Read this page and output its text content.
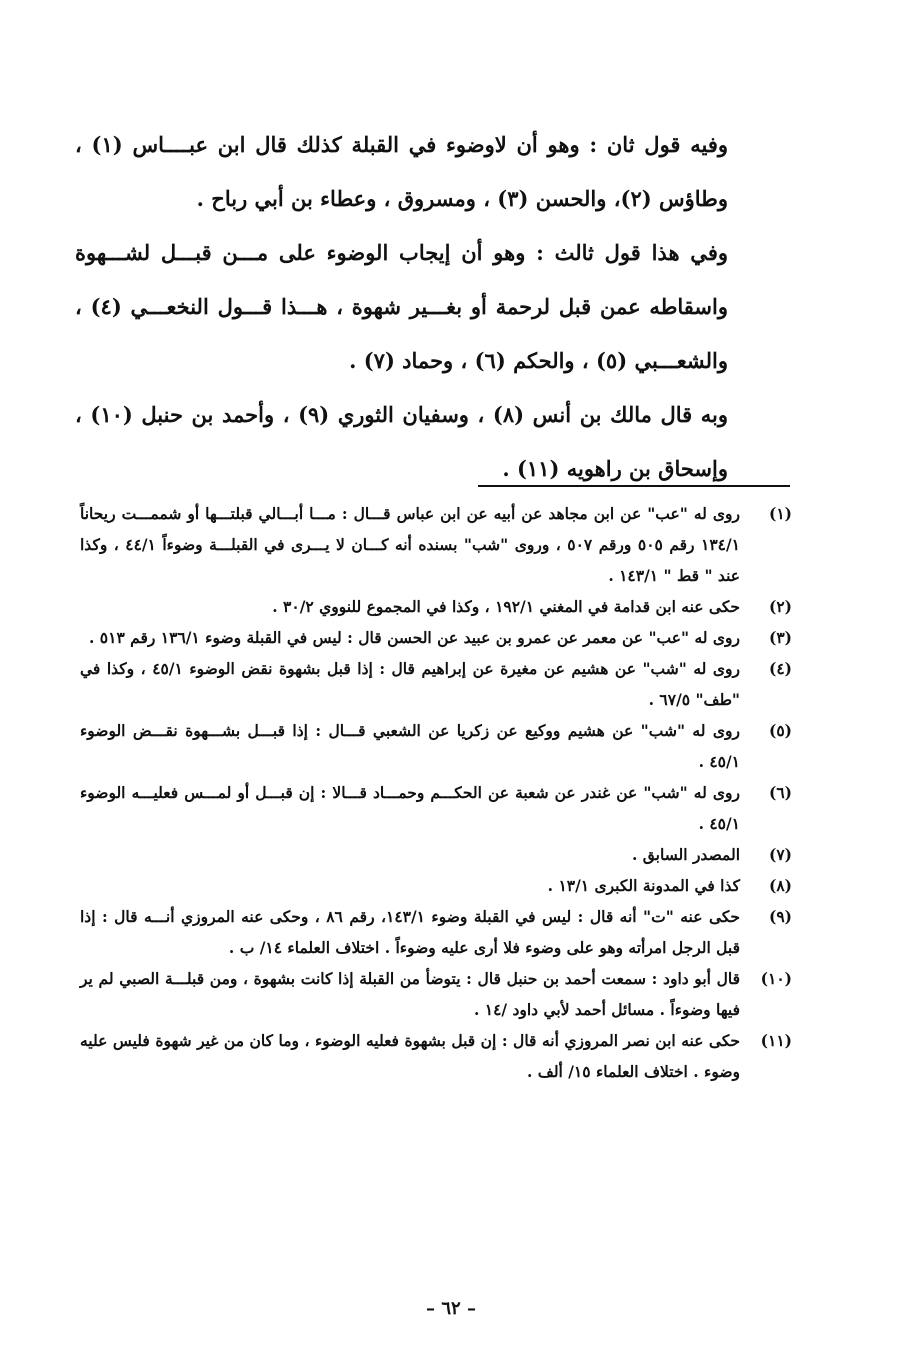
وفيه قول ثان : وهو أن لاوضوء في القبلة كذلك قال ابن عبــــاس (١) ، وطاؤس (٢)، والحسن (٣) ، ومسروق ، وعطاء بن أبي رباح .

وفي هذا قول ثالث : وهو أن إيجاب الوضوء على مـــن قبـــل لشـــهوة واسقاطه عمن قبل لرحمة أو بغـــير شهوة ، هـــذا قـــول النخعـــي (٤) ، والشعـــبي (٥) ، والحكم (٦) ، وحماد (٧) .

وبه قال مالك بن أنس (٨) ، وسفيان الثوري (٩) ، وأحمد بن حنبل (١٠) ، وإسحاق بن راهويه (١١) .

(١)
روى له "عب" عن ابن مجاهد عن أبيه عن ابن عباس قـــال : مـــا أبـــالي قبلتـــها أو شممـــت ريحاناً ١٣٤/١ رقم ٥٠٥ ورقم ٥٠٧ ، وروى "شب" بسنده أنه كـــان لا يـــرى في القبلـــة وضوءاً ٤٤/١ ، وكذا عند " قط " ١٤٣/١ .
(٢)
حكى عنه ابن قدامة في المغني ١٩٢/١ ، وكذا في المجموع للنووي ٣٠/٢ .
(٣)
روى له "عب" عن معمر عن عمرو بن عبيد عن الحسن قال : ليس في القبلة وضوء ١٣٦/١ رقم ٥١٣ .
(٤)
روى له "شب" عن هشيم عن مغيرة عن إبراهيم قال : إذا قبل بشهوة نقض الوضوء ٤٥/١ ، وكذا في "طف" ٦٧/٥ .
(٥)
روى له "شب" عن هشيم ووكيع عن زكريا عن الشعبي قـــال : إذا قبـــل بشـــهوة نقـــض الوضوء ٤٥/١ .
(٦)
روى له "شب" عن غندر عن شعبة عن الحكـــم وحمـــاد قـــالا : إن قبـــل أو لمـــس فعليـــه الوضوء ٤٥/١ .
(٧)
المصدر السابق .
(٨)
كذا في المدونة الكبرى ١٣/١ .
(٩)
حكى عنه "ت" أنه قال : ليس في القبلة وضوء ١٤٣/١، رقم ٨٦ ، وحكى عنه المروزي أنـــه قال : إذا قبل الرجل امرأته وهو على وضوء فلا أرى عليه وضوءاً . اختلاف العلماء ١٤/ ب .
(١٠)
قال أبو داود : سمعت أحمد بن حنبل قال : يتوضأ من القبلة إذا كانت بشهوة ، ومن قبلـــة الصبي لم ير فيها وضوءاً . مسائل أحمد لأبي داود /١٤ .
(١١)
حكى عنه ابن نصر المروزي أنه قال : إن قبل بشهوة فعليه الوضوء ، وما كان من غير شهوة فليس عليه وضوء . اختلاف العلماء ١٥/ ألف .
– ٦٢ –
